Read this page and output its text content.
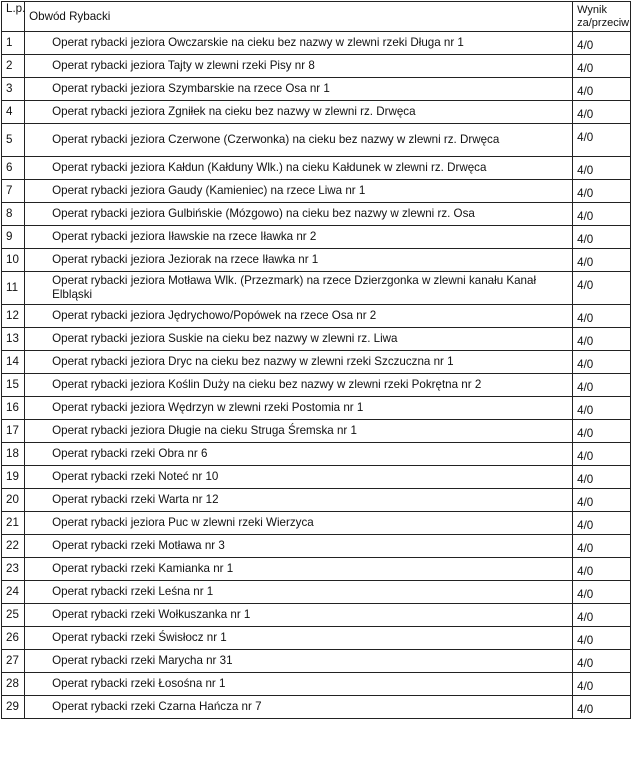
L.p.	Obwód Rybacki	Wynik za/przeciw
1	Operat rybacki jeziora Owczarskie na cieku bez nazwy w zlewni rzeki Długa nr 1	4/0
2	Operat rybacki jeziora Tajty w zlewni rzeki Pisy nr 8	4/0
3	Operat rybacki jeziora Szymbarskie na rzece Osa nr 1	4/0
4	Operat rybacki jeziora Zgniłek na cieku bez nazwy w zlewni rz. Drwęca	4/0
5	Operat rybacki jeziora Czerwone (Czerwonka) na cieku bez nazwy w zlewni rz. Drwęca	4/0
6	Operat rybacki jeziora Kałdun (Kałduny Wlk.) na cieku Kałdunek w zlewni rz. Drwęca	4/0
7	Operat rybacki jeziora Gaudy (Kamieniec) na rzece Liwa nr 1	4/0
8	Operat rybacki jeziora Gulbińskie (Mózgowo) na cieku bez nazwy w zlewni rz. Osa	4/0
9	Operat rybacki jeziora Iławskie na rzece Iławka nr 2	4/0
10	Operat rybacki jeziora Jeziorak na rzece Iławka nr 1	4/0
11	Operat rybacki jeziora Motława Wlk. (Przezmark) na rzece Dzierzgonka w zlewni kanału Kanał Elbląski	4/0
12	Operat rybacki jeziora Jędrychowo/Popówek na rzece Osa nr 2	4/0
13	Operat rybacki jeziora Suskie na cieku bez nazwy w zlewni rz. Liwa	4/0
14	Operat rybacki jeziora Dryc na cieku bez nazwy w zlewni rzeki Szczuczna nr 1	4/0
15	Operat rybacki jeziora Koślin Duży na cieku bez nazwy w zlewni rzeki Pokrętna nr 2	4/0
16	Operat rybacki jeziora Wędrzyn w zlewni rzeki Postomia nr 1	4/0
17	Operat rybacki jeziora Długie na cieku Struga Śremska nr 1	4/0
18	Operat rybacki rzeki Obra nr 6	4/0
19	Operat rybacki rzeki Noteć nr 10	4/0
20	Operat rybacki rzeki Warta nr 12	4/0
21	Operat rybacki jeziora Puc w zlewni rzeki Wierzyca	4/0
22	Operat rybacki rzeki Motława nr 3	4/0
23	Operat rybacki rzeki Kamianka nr 1	4/0
24	Operat rybacki rzeki Leśna nr 1	4/0
25	Operat rybacki rzeki Wołkuszanka nr 1	4/0
26	Operat rybacki rzeki Świsłocz nr 1	4/0
27	Operat rybacki rzeki Marycha nr 31	4/0
28	Operat rybacki rzeki Łosośna nr 1	4/0
29	Operat rybacki rzeki Czarna Hańcza nr 7	4/0
